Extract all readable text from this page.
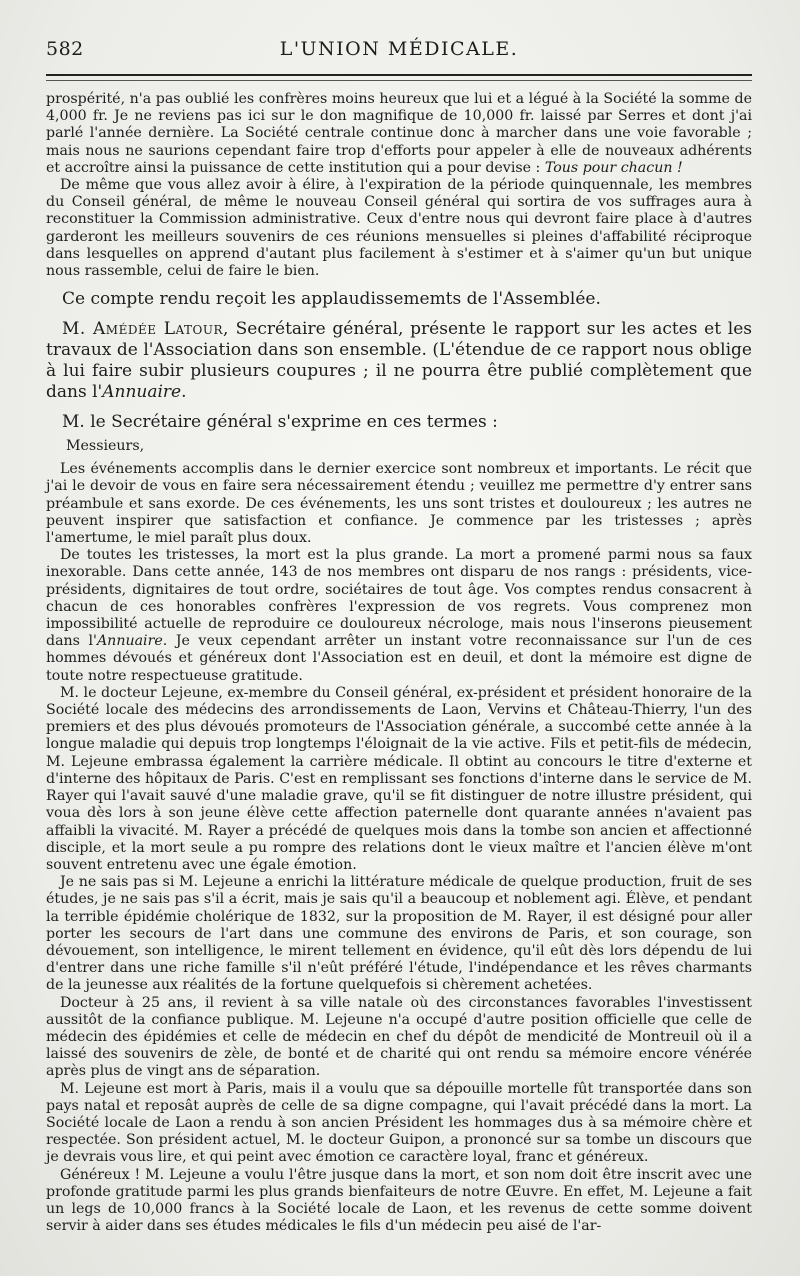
582	L'UNION MÉDICALE.

prospérité, n'a pas oublié les confrères moins heureux que lui et a légué à la Société la somme de 4,000 fr. Je ne reviens pas ici sur le don magnifique de 10,000 fr. laissé par Serres et dont j'ai parlé l'année dernière. La Société centrale continue donc à marcher dans une voie favorable ; mais nous ne saurions cependant faire trop d'efforts pour appeler à elle de nouveaux adhérents et accroître ainsi la puissance de cette institution qui a pour devise : Tous pour chacun !

De même que vous allez avoir à élire, à l'expiration de la période quinquennale, les membres du Conseil général, de même le nouveau Conseil général qui sortira de vos suffrages aura à reconstituer la Commission administrative. Ceux d'entre nous qui devront faire place à d'autres garderont les meilleurs souvenirs de ces réunions mensuelles si pleines d'affabilité réciproque dans lesquelles on apprend d'autant plus facilement à s'estimer et à s'aimer qu'un but unique nous rassemble, celui de faire le bien.

Ce compte rendu reçoit les applaudissememts de l'Assemblée.

M. Amédée Latour, Secrétaire général, présente le rapport sur les actes et les travaux de l'Association dans son ensemble. (L'étendue de ce rapport nous oblige à lui faire subir plusieurs coupures ; il ne pourra être publié complètement que dans l'Annuaire.

M. le Secrétaire général s'exprime en ces termes :

Messieurs,

Les événements accomplis dans le dernier exercice sont nombreux et importants. Le récit que j'ai le devoir de vous en faire sera nécessairement étendu ; veuillez me permettre d'y entrer sans préambule et sans exorde. De ces événements, les uns sont tristes et douloureux ; les autres ne peuvent inspirer que satisfaction et confiance. Je commence par les tristesses ; après l'amertume, le miel paraît plus doux.

De toutes les tristesses, la mort est la plus grande. La mort a promené parmi nous sa faux inexorable. Dans cette année, 143 de nos membres ont disparu de nos rangs : présidents, vice-présidents, dignitaires de tout ordre, sociétaires de tout âge. Vos comptes rendus consacrent à chacun de ces honorables confrères l'expression de vos regrets. Vous comprenez mon impossibilité actuelle de reproduire ce douloureux nécrologe, mais nous l'inserons pieusement dans l'Annuaire. Je veux cependant arrêter un instant votre reconnaissance sur l'un de ces hommes dévoués et généreux dont l'Association est en deuil, et dont la mémoire est digne de toute notre respectueuse gratitude.

M. le docteur Lejeune, ex-membre du Conseil général, ex-président et président honoraire de la Société locale des médecins des arrondissements de Laon, Vervins et Château-Thierry, l'un des premiers et des plus dévoués promoteurs de l'Association générale, a succombé cette année à la longue maladie qui depuis trop longtemps l'éloignait de la vie active. Fils et petit-fils de médecin, M. Lejeune embrassa également la carrière médicale. Il obtint au concours le titre d'externe et d'interne des hôpitaux de Paris. C'est en remplissant ses fonctions d'interne dans le service de M. Rayer qui l'avait sauvé d'une maladie grave, qu'il se fit distinguer de notre illustre président, qui voua dès lors à son jeune élève cette affection paternelle dont quarante années n'avaient pas affaibli la vivacité. M. Rayer a précédé de quelques mois dans la tombe son ancien et affectionné disciple, et la mort seule a pu rompre des relations dont le vieux maître et l'ancien élève m'ont souvent entretenu avec une égale émotion.

Je ne sais pas si M. Lejeune a enrichi la littérature médicale de quelque production, fruit de ses études, je ne sais pas s'il a écrit, mais je sais qu'il a beaucoup et noblement agi. Élève, et pendant la terrible épidémie cholérique de 1832, sur la proposition de M. Rayer, il est désigné pour aller porter les secours de l'art dans une commune des environs de Paris, et son courage, son dévouement, son intelligence, le mirent tellement en évidence, qu'il eût dès lors dépendu de lui d'entrer dans une riche famille s'il n'eût préféré l'étude, l'indépendance et les rêves charmants de la jeunesse aux réalités de la fortune quelquefois si chèrement achetées.

Docteur à 25 ans, il revient à sa ville natale où des circonstances favorables l'investissent aussitôt de la confiance publique. M. Lejeune n'a occupé d'autre position officielle que celle de médecin des épidémies et celle de médecin en chef du dépôt de mendicité de Montreuil où il a laissé des souvenirs de zèle, de bonté et de charité qui ont rendu sa mémoire encore vénérée après plus de vingt ans de séparation.

M. Lejeune est mort à Paris, mais il a voulu que sa dépouille mortelle fût transportée dans son pays natal et reposât auprès de celle de sa digne compagne, qui l'avait précédé dans la mort. La Société locale de Laon a rendu à son ancien Président les hommages dus à sa mémoire chère et respectée. Son président actuel, M. le docteur Guipon, a prononcé sur sa tombe un discours que je devrais vous lire, et qui peint avec émotion ce caractère loyal, franc et généreux.

Généreux ! M. Lejeune a voulu l'être jusque dans la mort, et son nom doit être inscrit avec une profonde gratitude parmi les plus grands bienfaiteurs de notre Œuvre. En effet, M. Lejeune a fait un legs de 10,000 francs à la Société locale de Laon, et les revenus de cette somme doivent servir à aider dans ses études médicales le fils d'un médecin peu aisé de l'ar-
